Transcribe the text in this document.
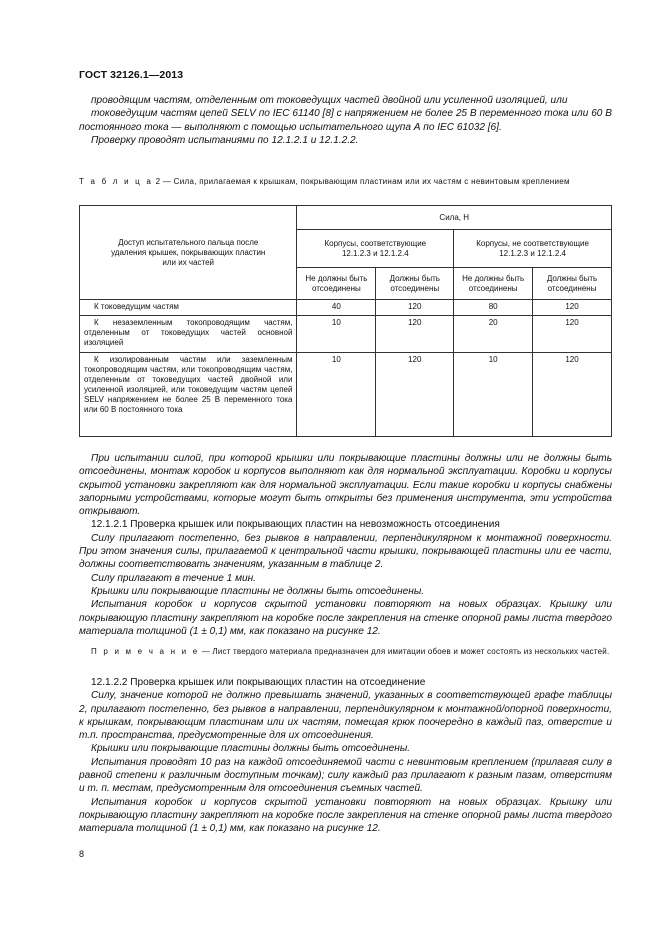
ГОСТ 32126.1—2013

проводящим частям, отделенным от токоведущих частей двойной или усиленной изоляцией, или

токоведущим частям цепей SELV по IEC 61140 [8] с напряжением не более 25 В переменного тока или 60 В постоянного тока — выполняют с помощью испытательного щупа А по IEC 61032 [6].

Проверку проводят испытаниями по 12.1.2.1 и 12.1.2.2.

Т а б л и ц а 2 — Сила, прилагаемая к крышкам, покрывающим пластинам или их частям с невинтовым креплением
Доступ испытательного пальца после удаления крышек, покрывающих пластин или их частей	Сила, Н			
	Корпусы, соответствующие 12.1.2.3 и 12.1.2.4		Корпусы, не соответствующие 12.1.2.3 и 12.1.2.4	
	Не должны быть отсоединены	Должны быть отсоединены	Не должны быть отсоединены	Должны быть отсоединены
К токоведущим частям	40	120	80	120
К незаземленным токопроводящим частям, отделенным от токоведущих частей основной изоляцией	10	120	20	120
К изолированным частям или заземленным токопроводящим частям, или токопроводящим частям, отделенным от токоведущих частей двойной или усиленной изоляцией, или токоведущим частям цепей SELV напряжением не более 25 В переменного тока или 60 В постоянного тока	10	120	10	120

При испытании силой, при которой крышки или покрывающие пластины должны или не должны быть отсоединены, монтаж коробок и корпусов выполняют как для нормальной эксплуатации. Коробки и корпусы скрытой установки закрепляют как для нормальной эксплуатации. Если такие коробки и корпусы снабжены запорными устройствами, которые могут быть открыты без применения инструмента, эти устройства открывают.

12.1.2.1 Проверка крышек или покрывающих пластин на невозможность отсоединения

Силу прилагают постепенно, без рывков в направлении, перпендикулярном к монтажной поверхности. При этом значения силы, прилагаемой к центральной части крышки, покрывающей пластины или ее части, должны соответствовать значениям, указанным в таблице 2.

Силу прилагают в течение 1 мин.

Крышки или покрывающие пластины не должны быть отсоединены.

Испытания коробок и корпусов скрытой установки повторяют на новых образцах. Крышку или покрывающую пластину закрепляют на коробке после закрепления на стенке опорной рамы листа твердого материала толщиной (1 ± 0,1) мм, как показано на рисунке 12.

П р и м е ч а н и е — Лист твердого материала предназначен для имитации обоев и может состоять из нескольких частей.

12.1.2.2 Проверка крышек или покрывающих пластин на отсоединение

Силу, значение которой не должно превышать значений, указанных в соответствующей графе таблицы 2, прилагают постепенно, без рывков в направлении, перпендикулярном к монтажной/опорной поверхности, к крышкам, покрывающим пластинам или их частям, помещая крюк поочередно в каждый паз, отверстие и т.п. пространства, предусмотренные для их отсоединения.

Крышки или покрывающие пластины должны быть отсоединены.

Испытания проводят 10 раз на каждой отсоединяемой части с невинтовым креплением (прилагая силу в равной степени к различным доступным точкам); силу каждый раз прилагают к разным пазам, отверстиям и т. п. местам, предусмотренным для отсоединения съемных частей.

Испытания коробок и корпусов скрытой установки повторяют на новых образцах. Крышку или покрывающую пластину закрепляют на коробке после закрепления на стенке опорной рамы листа твердого материала толщиной (1 ± 0,1) мм, как показано на рисунке 12.

8
